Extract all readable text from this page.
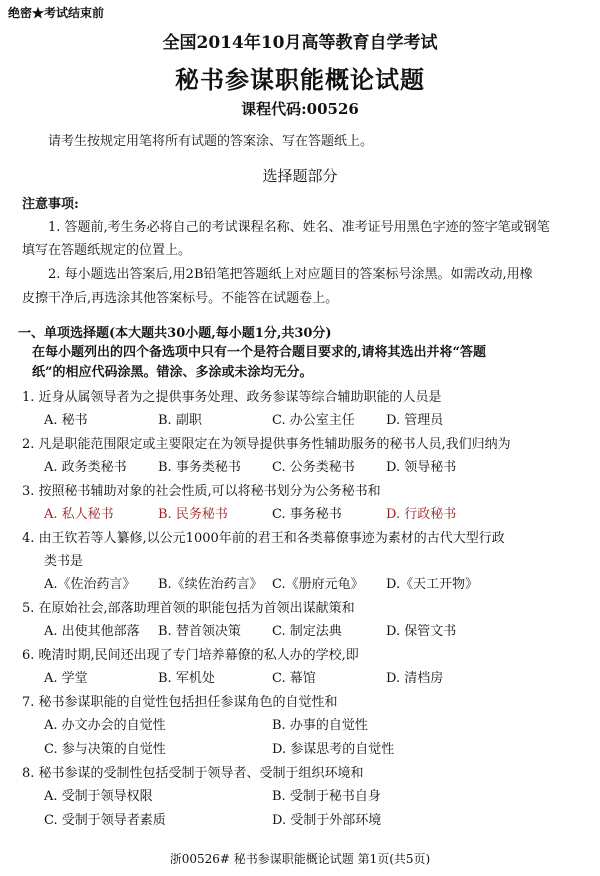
绝密★考试结束前
全国2014年10月高等教育自学考试
秘书参谋职能概论试题
课程代码:00526
请考生按规定用笔将所有试题的答案涂、写在答题纸上。
选择题部分
注意事项:
1. 答题前,考生务必将自己的考试课程名称、姓名、准考证号用黑色字迹的签字笔或钢笔
填写在答题纸规定的位置上。
2. 每小题选出答案后,用2B铅笔把答题纸上对应题目的答案标号涂黑。如需改动,用橡
皮擦干净后,再选涂其他答案标号。不能答在试题卷上。
一、单项选择题(本大题共30小题,每小题1分,共30分)
在每小题列出的四个备选项中只有一个是符合题目要求的,请将其选出并将“答题
纸”的相应代码涂黑。错涂、多涂或未涂均无分。
1. 近身从属领导者为之提供事务处理、政务参谋等综合辅助职能的人员是
A. 秘书	B. 副职	C. 办公室主任 D. 管理员
2. 凡是职能范围限定或主要限定在为领导提供事务性辅助服务的秘书人员,我们归纳为
A. 政务类秘书 B. 事务类秘书 C. 公务类秘书 D. 领导秘书
3. 按照秘书辅助对象的社会性质,可以将秘书划分为公务秘书和
A. 私人秘书	B. 民务秘书	C. 事务秘书	D. 行政秘书
4. 由王钦若等人纂修,以公元1000年前的君王和各类幕僚事迹为素材的古代大型行政
类书是
A.《佐治药言》 B.《续佐治药言》 C.《册府元龟》 D.《天工开物》
5. 在原始社会,部落助理首领的职能包括为首领出谋献策和
A. 出使其他部落 B. 替首领决策 C. 制定法典	D. 保管文书
6. 晚清时期,民间还出现了专门培养幕僚的私人办的学校,即
A. 学堂	B. 军机处	C. 幕馆	D. 清档房
7. 秘书参谋职能的自觉性包括担任参谋角色的自觉性和
A. 办文办会的自觉性	B. 办事的自觉性
C. 参与决策的自觉性	D. 参谋思考的自觉性
8. 秘书参谋的受制性包括受制于领导者、受制于组织环境和
A. 受制于领导权限	B. 受制于秘书自身
C. 受制于领导者素质	D. 受制于外部环境
浙00526# 秘书参谋职能概论试题 第1页(共5页)
